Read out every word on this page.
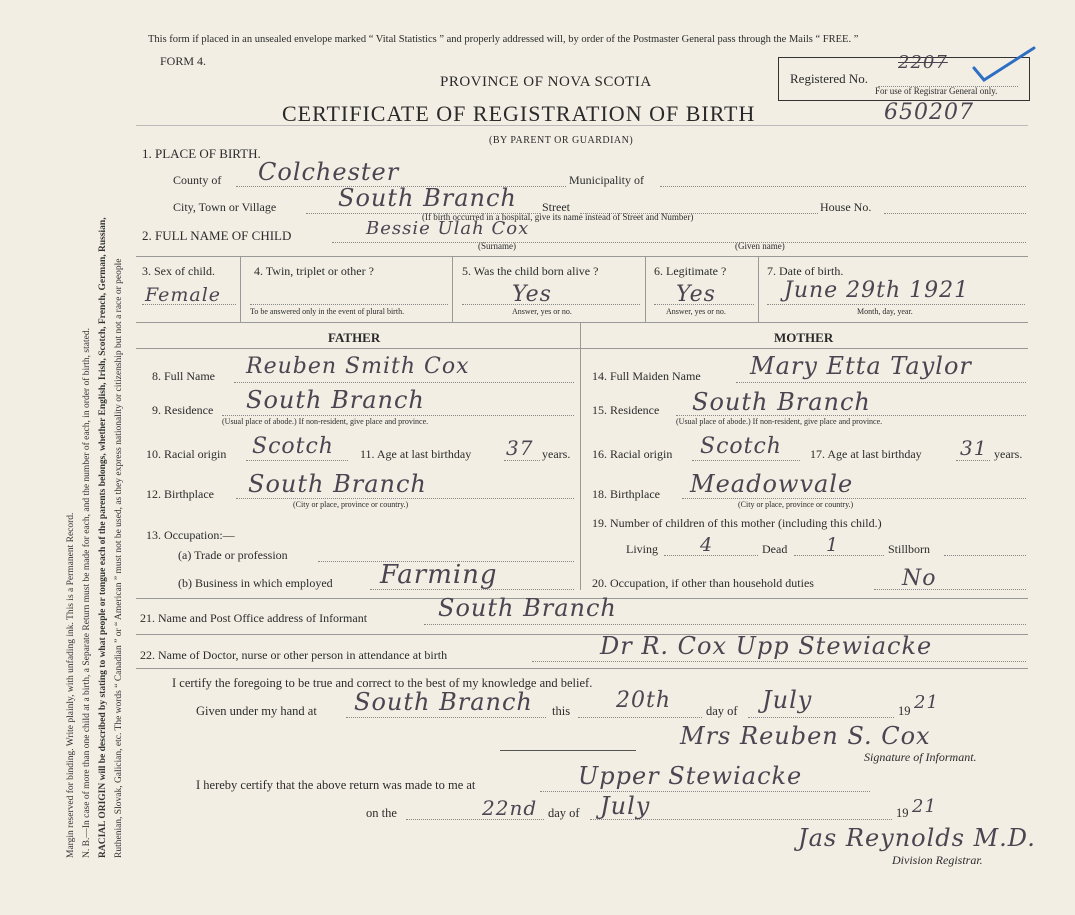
Margin reserved for binding. Write plainly, with unfading ink. This is a Permanent Record. N. B.—In case of more than one child at a birth, a Separate Return must be made for each, and the number of each, in order of birth, stated. RACIAL ORIGIN will be described by stating to what people or tongue each of the parents belongs, whether English, Irish, Scotch, French, German, Russian, Ruthenian, Slovak, Galician, etc. The words “ Canadian ” or “ American ” must not be used, as they express nationality or citizenship but not a race or people
This form if placed in an unsealed envelope marked “ Vital Statistics ” and properly addressed will, by order of the Postmaster General pass through the Mails “ FREE. ”
FORM 4.
PROVINCE OF NOVA SCOTIA
CERTIFICATE OF REGISTRATION OF BIRTH	650207
(BY PARENT OR GUARDIAN)
Registered No.
2207
For use of Registrar General only.
1. PLACE OF BIRTH.
County of Colchester	Municipality of
City, Town or Village	South Branch Street	House No.
(If birth occurred in a hospital, give its name instead of Street and Number)
2. FULL NAME OF CHILD	Bessie Ulah Cox
(Surname)	(Given name)
3. Sex of child.
Female
4. Twin, triplet or other ?
To be answered only in the event of plural birth.
5. Was the child born alive ?
Yes
Answer, yes or no.
6. Legitimate ?
Yes
Answer, yes or no.
7. Date of birth.
June 29th 1921
Month, day, year.
FATHER	MOTHER
8. Full Name Reuben Smith Cox
9. Residence South Branch
(Usual place of abode.) If non-resident, give place and province.
10. Racial origin Scotch 11. Age at last birthday 37 years.
12. Birthplace South Branch
(City or place, province or country.)
13. Occupation:—
(a) Trade or profession
(b) Business in which employed Farming
14. Full Maiden Name Mary Etta Taylor
15. Residence South Branch
(Usual place of abode.) If non-resident, give place and province.
16. Racial origin Scotch 17. Age at last birthday 31 years.
18. Birthplace Meadowvale
(City or place, province or country.)
19. Number of children of this mother (including this child.)
Living 4	Dead 1	Stillborn
20. Occupation, if other than household duties	No
21. Name and Post Office address of Informant	South Branch
22. Name of Doctor, nurse or other person in attendance at birth	Dr R. Cox Upp Stewiacke
I certify the foregoing to be true and correct to the best of my knowledge and belief.
Given under my hand at South Branch this 20th	day of July	19 21
Mrs Reuben S. Cox
Signature of Informant.
I hereby certify that the above return was made to me at	Upper Stewiacke
on the	22nd day of July	19 21
Jas Reynolds M.D.
Division Registrar.
